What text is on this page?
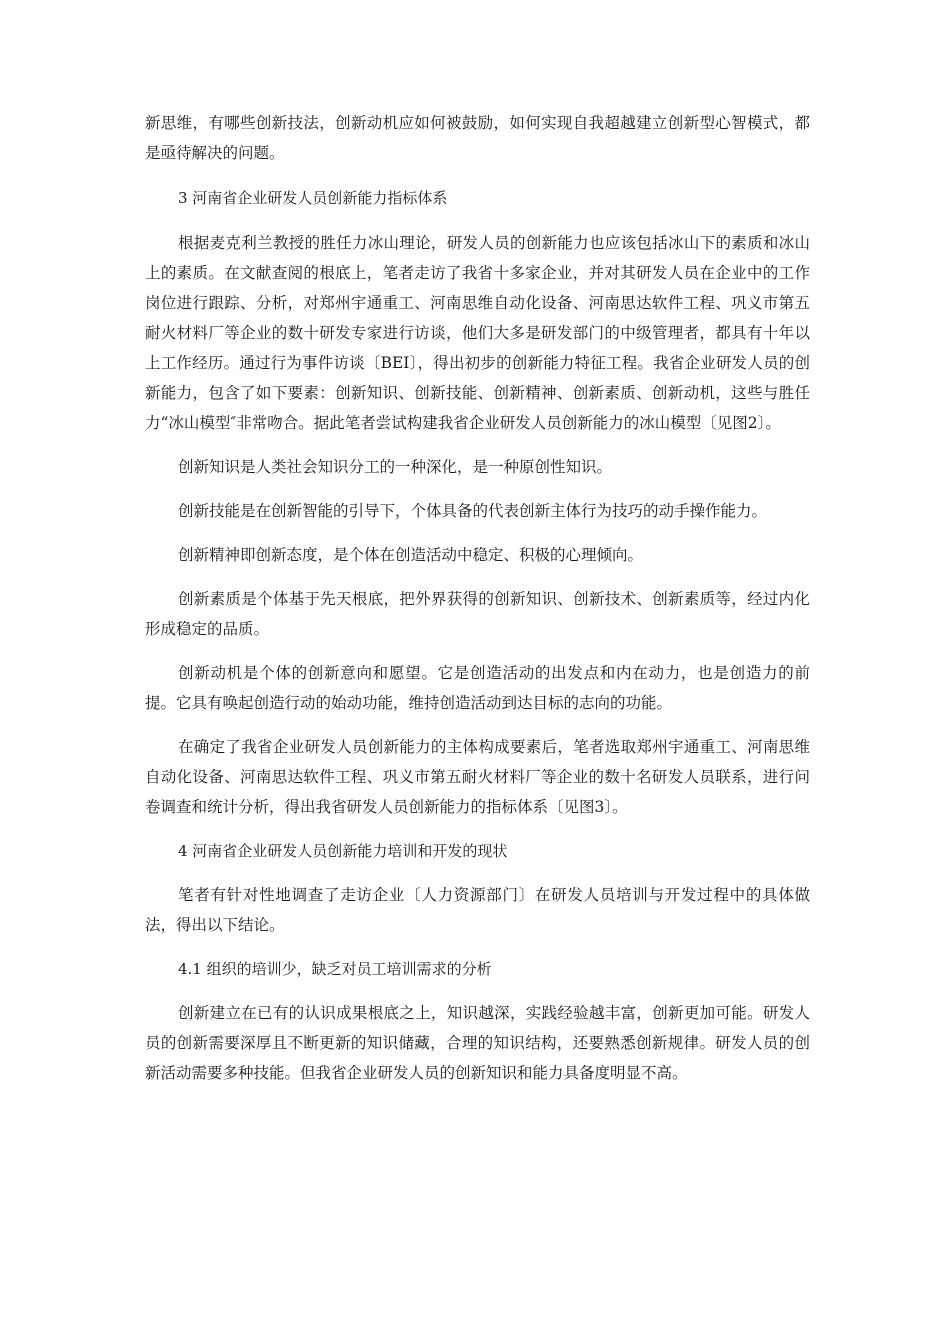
新思维，有哪些创新技法，创新动机应如何被鼓励，如何实现自我超越建立创新型心智模式，都是亟待解决的问题。

3 河南省企业研发人员创新能力指标体系

根据麦克利兰教授的胜任力冰山理论，研发人员的创新能力也应该包括冰山下的素质和冰山上的素质。在文献查阅的根底上，笔者走访了我省十多家企业，并对其研发人员在企业中的工作岗位进行跟踪、分析，对郑州宇通重工、河南思维自动化设备、河南思达软件工程、巩义市第五耐火材料厂等企业的数十研发专家进行访谈，他们大多是研发部门的中级管理者，都具有十年以上工作经历。通过行为事件访谈〔BEI〕，得出初步的创新能力特征工程。我省企业研发人员的创新能力，包含了如下要素：创新知识、创新技能、创新精神、创新素质、创新动机，这些与胜任力“冰山模型″非常吻合。据此笔者尝试构建我省企业研发人员创新能力的冰山模型〔见图2〕。

创新知识是人类社会知识分工的一种深化，是一种原创性知识。

创新技能是在创新智能的引导下，个体具备的代表创新主体行为技巧的动手操作能力。

创新精神即创新态度，是个体在创造活动中稳定、积极的心理倾向。

创新素质是个体基于先天根底，把外界获得的创新知识、创新技术、创新素质等，经过内化形成稳定的品质。

创新动机是个体的创新意向和愿望。它是创造活动的出发点和内在动力，也是创造力的前提。它具有唤起创造行动的始动功能，维持创造活动到达目标的志向的功能。

在确定了我省企业研发人员创新能力的主体构成要素后，笔者选取郑州宇通重工、河南思维自动化设备、河南思达软件工程、巩义市第五耐火材料厂等企业的数十名研发人员联系，进行问卷调查和统计分析，得出我省研发人员创新能力的指标体系〔见图3〕。

4 河南省企业研发人员创新能力培训和开发的现状

笔者有针对性地调查了走访企业〔人力资源部门〕在研发人员培训与开发过程中的具体做法，得出以下结论。

4.1 组织的培训少，缺乏对员工培训需求的分析

创新建立在已有的认识成果根底之上，知识越深，实践经验越丰富，创新更加可能。研发人员的创新需要深厚且不断更新的知识储藏，合理的知识结构，还要熟悉创新规律。研发人员的创新活动需要多种技能。但我省企业研发人员的创新知识和能力具备度明显不高。
